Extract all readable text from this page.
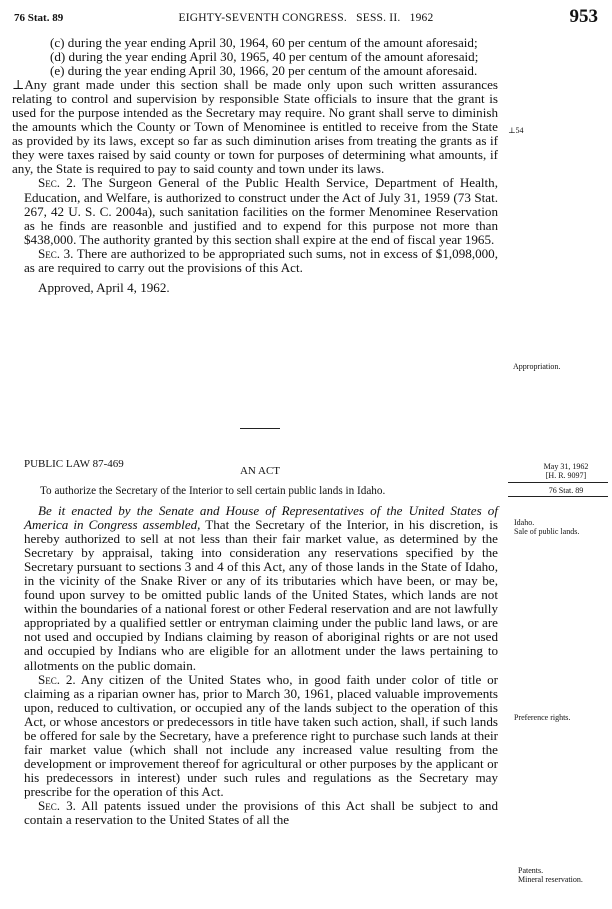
76 Stat. 89	EIGHTY-SEVENTH CONGRESS.   SESS. II.   1962	953

(c) during the year ending April 30, 1964, 60 per centum of the amount aforesaid;

(d) during the year ending April 30, 1965, 40 per centum of the amount aforesaid;

(e) during the year ending April 30, 1966, 20 per centum of the amount aforesaid.

⊥Any grant made under this section shall be made only upon such written assurances relating to control and supervision by responsible State officials to insure that the grant is used for the purpose intended as the Secretary may require. No grant shall serve to diminish the amounts which the County or Town of Menominee is entitled to receive from the State as provided by its laws, except so far as such diminution arises from treating the grants as if they were taxes raised by said county or town for purposes of determining what amounts, if any, the State is required to pay to said county and town under its laws.

Sec. 2. The Surgeon General of the Public Health Service, Department of Health, Education, and Welfare, is authorized to construct under the Act of July 31, 1959 (73 Stat. 267, 42 U. S. C. 2004a), such sanitation facilities on the former Menominee Reservation as he finds are reasonble and justified and to expend for this purpose not more than $438,000. The authority granted by this section shall expire at the end of fiscal year 1965.

Sec. 3. There are authorized to be appropriated such sums, not in excess of $1,098,000, as are required to carry out the provisions of this Act.

Approved, April 4, 1962.

⊥54
Appropriation.
PUBLIC LAW 87-469
AN ACT
To authorize the Secretary of the Interior to sell certain public lands in Idaho.
May 31, 1962
[H. R. 9097]
76 Stat. 89

Be it enacted by the Senate and House of Representatives of the United States of America in Congress assembled, That the Secretary of the Interior, in his discretion, is hereby authorized to sell at not less than their fair market value, as determined by the Secretary by appraisal, taking into consideration any reservations specified by the Secretary pursuant to sections 3 and 4 of this Act, any of those lands in the State of Idaho, in the vicinity of the Snake River or any of its tributaries which have been, or may be, found upon survey to be omitted public lands of the United States, which lands are not within the boundaries of a national forest or other Federal reservation and are not lawfully appropriated by a qualified settler or entryman claiming under the public land laws, or are not used and occupied by Indians claiming by reason of aboriginal rights or are not used and occupied by Indians who are eligible for an allotment under the laws pertaining to allotments on the public domain.

Sec. 2. Any citizen of the United States who, in good faith under color of title or claiming as a riparian owner has, prior to March 30, 1961, placed valuable improvements upon, reduced to cultivation, or occupied any of the lands subject to the operation of this Act, or whose ancestors or predecessors in title have taken such action, shall, if such lands be offered for sale by the Secretary, have a preference right to purchase such lands at their fair market value (which shall not include any increased value resulting from the development or improvement thereof for agricultural or other purposes by the applicant or his predecessors in interest) under such rules and regulations as the Secretary may prescribe for the operation of this Act.

Sec. 3. All patents issued under the provisions of this Act shall be subject to and contain a reservation to the United States of all the

Idaho.
Sale of public lands.
Preference rights.
Patents.
Mineral reservation.
